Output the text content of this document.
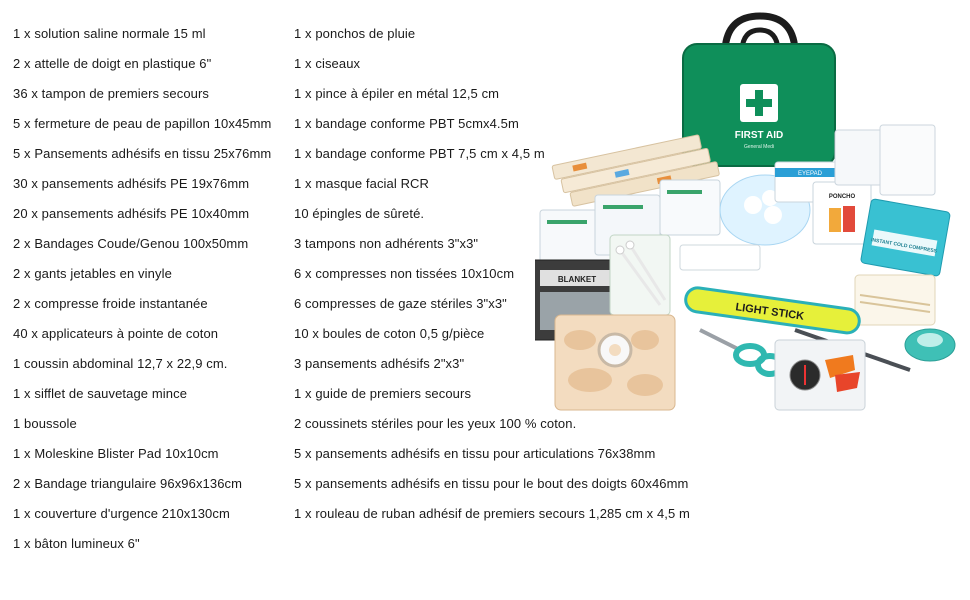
1 x solution saline normale 15 ml
2 x attelle de doigt en plastique 6"
36 x tampon de premiers secours
5 x fermeture de peau de papillon 10x45mm
5 x Pansements adhésifs en tissu 25x76mm
30 x pansements adhésifs PE 19x76mm
20 x pansements adhésifs PE 10x40mm
2 x Bandages Coude/Genou 100x50mm
2 x gants jetables en vinyle
2 x compresse froide instantanée
40 x applicateurs à pointe de coton
1 coussin abdominal 12,7 x 22,9 cm.
1 x sifflet de sauvetage mince
1 boussole
1 x Moleskine Blister Pad 10x10cm
2 x Bandage triangulaire 96x96x136cm
1 x couverture d'urgence 210x130cm
1 x bâton lumineux 6"
1 x ponchos de pluie
1 x ciseaux
1 x pince à épiler en métal 12,5 cm
1 x bandage conforme PBT 5cmx4.5m
1 x bandage conforme PBT 7,5 cm x 4,5 m
1 x masque facial RCR
10 épingles de sûreté.
3 tampons non adhérents 3"x3"
6 x compresses non tissées 10x10cm
6 compresses de gaze stériles 3"x3"
10 x boules de coton 0,5 g/pièce
3 pansements adhésifs 2"x3"
1 x guide de premiers secours
2 coussinets stériles pour les yeux 100 % coton.
5 x pansements adhésifs en tissu pour articulations 76x38mm
5 x pansements adhésifs en tissu pour le bout des doigts 60x46mm
1 x rouleau de ruban adhésif de premiers secours 1,285 cm x 4,5 m
FIRST AID
General Medi
EYEPAD
PONCHO
INSTANT COLD COMPRESS
BLANKET
LIGHT STICK
